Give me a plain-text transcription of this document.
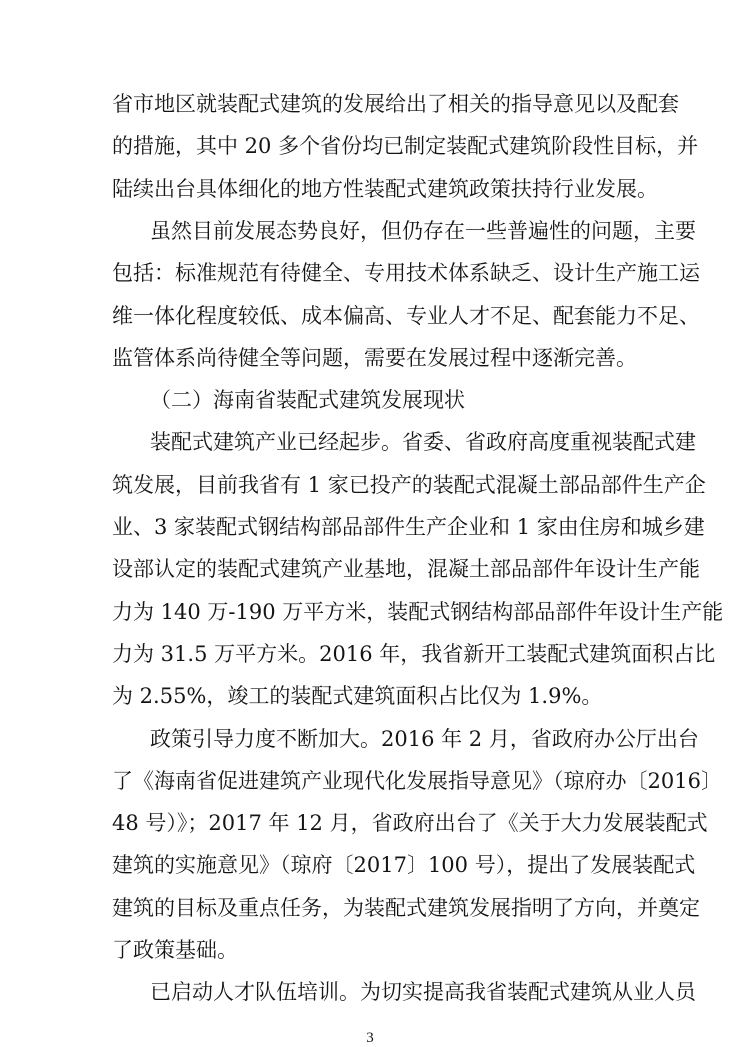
省市地区就装配式建筑的发展给出了相关的指导意见以及配套
的措施，其中 20 多个省份均已制定装配式建筑阶段性目标，并
陆续出台具体细化的地方性装配式建筑政策扶持行业发展。
虽然目前发展态势良好，但仍存在一些普遍性的问题，主要
包括：标准规范有待健全、专用技术体系缺乏、设计生产施工运
维一体化程度较低、成本偏高、专业人才不足、配套能力不足、
监管体系尚待健全等问题，需要在发展过程中逐渐完善。
（二）海南省装配式建筑发展现状
装配式建筑产业已经起步。省委、省政府高度重视装配式建
筑发展，目前我省有 1 家已投产的装配式混凝土部品部件生产企
业、3 家装配式钢结构部品部件生产企业和 1 家由住房和城乡建
设部认定的装配式建筑产业基地，混凝土部品部件年设计生产能
力为 140 万-190 万平方米，装配式钢结构部品部件年设计生产能
力为 31.5 万平方米。2016 年，我省新开工装配式建筑面积占比
为 2.55%，竣工的装配式建筑面积占比仅为 1.9%。
政策引导力度不断加大。2016 年 2 月，省政府办公厅出台
了《海南省促进建筑产业现代化发展指导意见》（琼府办〔2016〕
48 号）》；2017 年 12 月，省政府出台了《关于大力发展装配式
建筑的实施意见》（琼府〔2017〕100 号），提出了发展装配式
建筑的目标及重点任务，为装配式建筑发展指明了方向，并奠定
了政策基础。
已启动人才队伍培训。为切实提高我省装配式建筑从业人员
3
